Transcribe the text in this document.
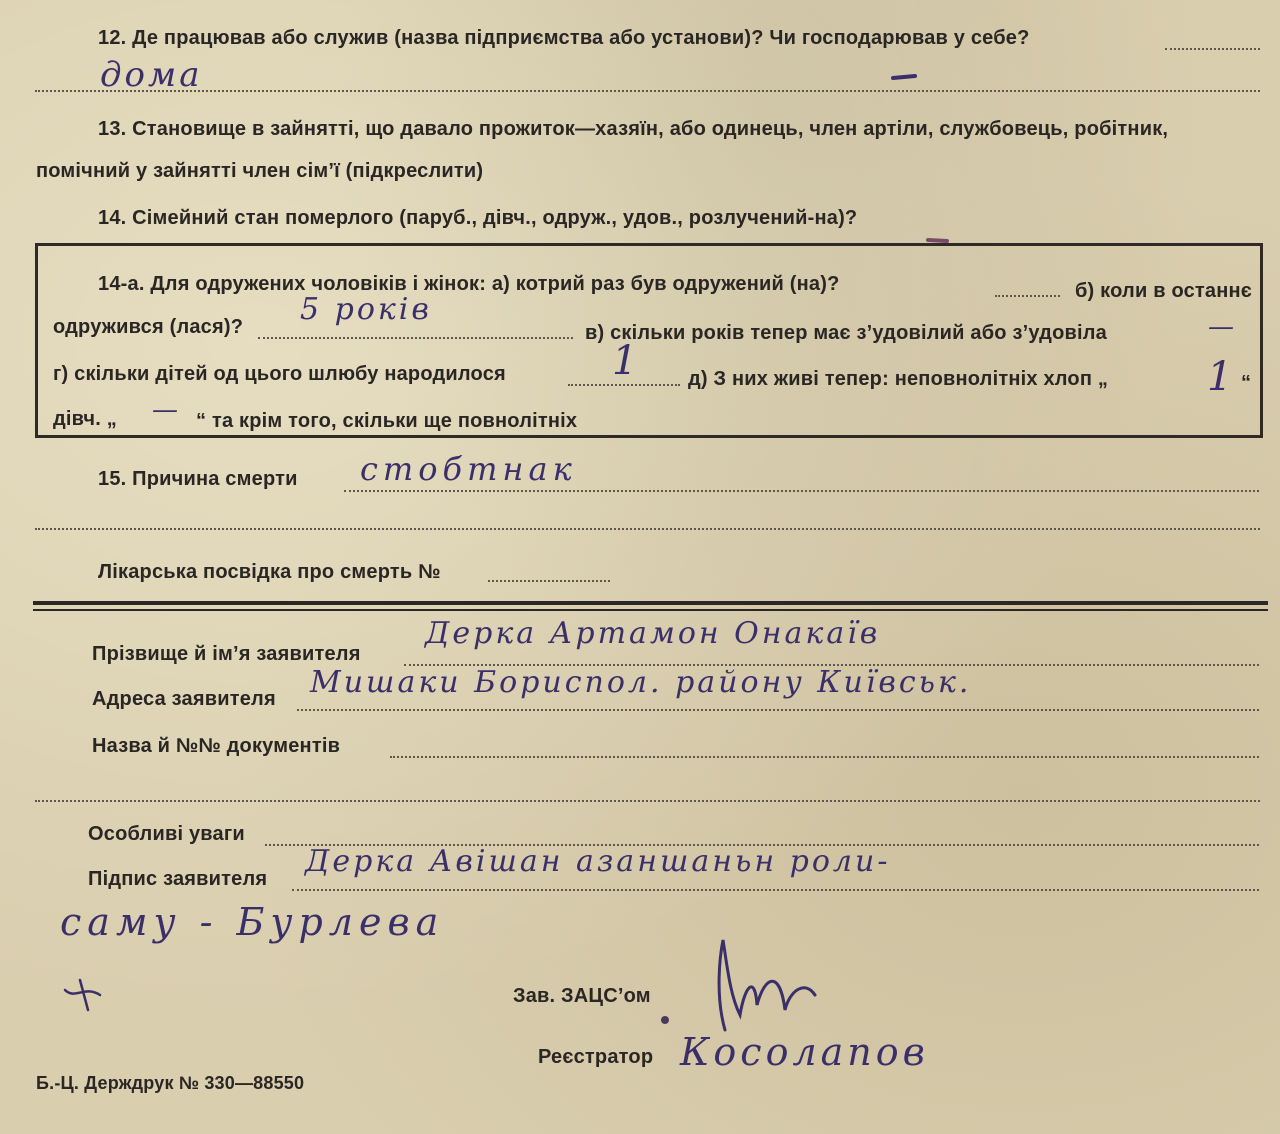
12. Де працював або служив (назва підприємства або установи)? Чи господарював у себе?
дома
13. Становище в зайнятті, що давало прожиток—хазяїн, або одинець, член артіли, службовець, робітник,
помічний у зайнятті член сім’ї (підкреслити)
14. Сімейний стан померлого (паруб., дівч., одруж., удов., розлучений-на)?
14-а. Для одружених чоловіків і жінок: а) котрий раз був одружений (на)?	б) коли в останнє
одружився (лася)? 5 років
в) скільки років тепер має з’удовілий або з’удовіла	—
г) скільки дітей од цього шлюбу народилося	1 д) З них живі тепер: неповнолітніх хлоп „ 1 “
дівч. „ — “ та крім того, скільки ще повнолітніх
15. Причина смерти стобтнак
Лікарська посвідка про смерть №
Прізвище й ім’я заявителя
Дерка Артамон Онакаїв
Адреса заявителя Мишаки Бориспол. району Київськ.
Назва й №№ документів
Особливі уваги
Підпис заявителя Дерка Авішан азаншаньн роли-
саму - Бурлева
Зав. ЗАЦС’ом
Реєстратор Косолапов
Б.-Ц. Держдрук № 330—88550
